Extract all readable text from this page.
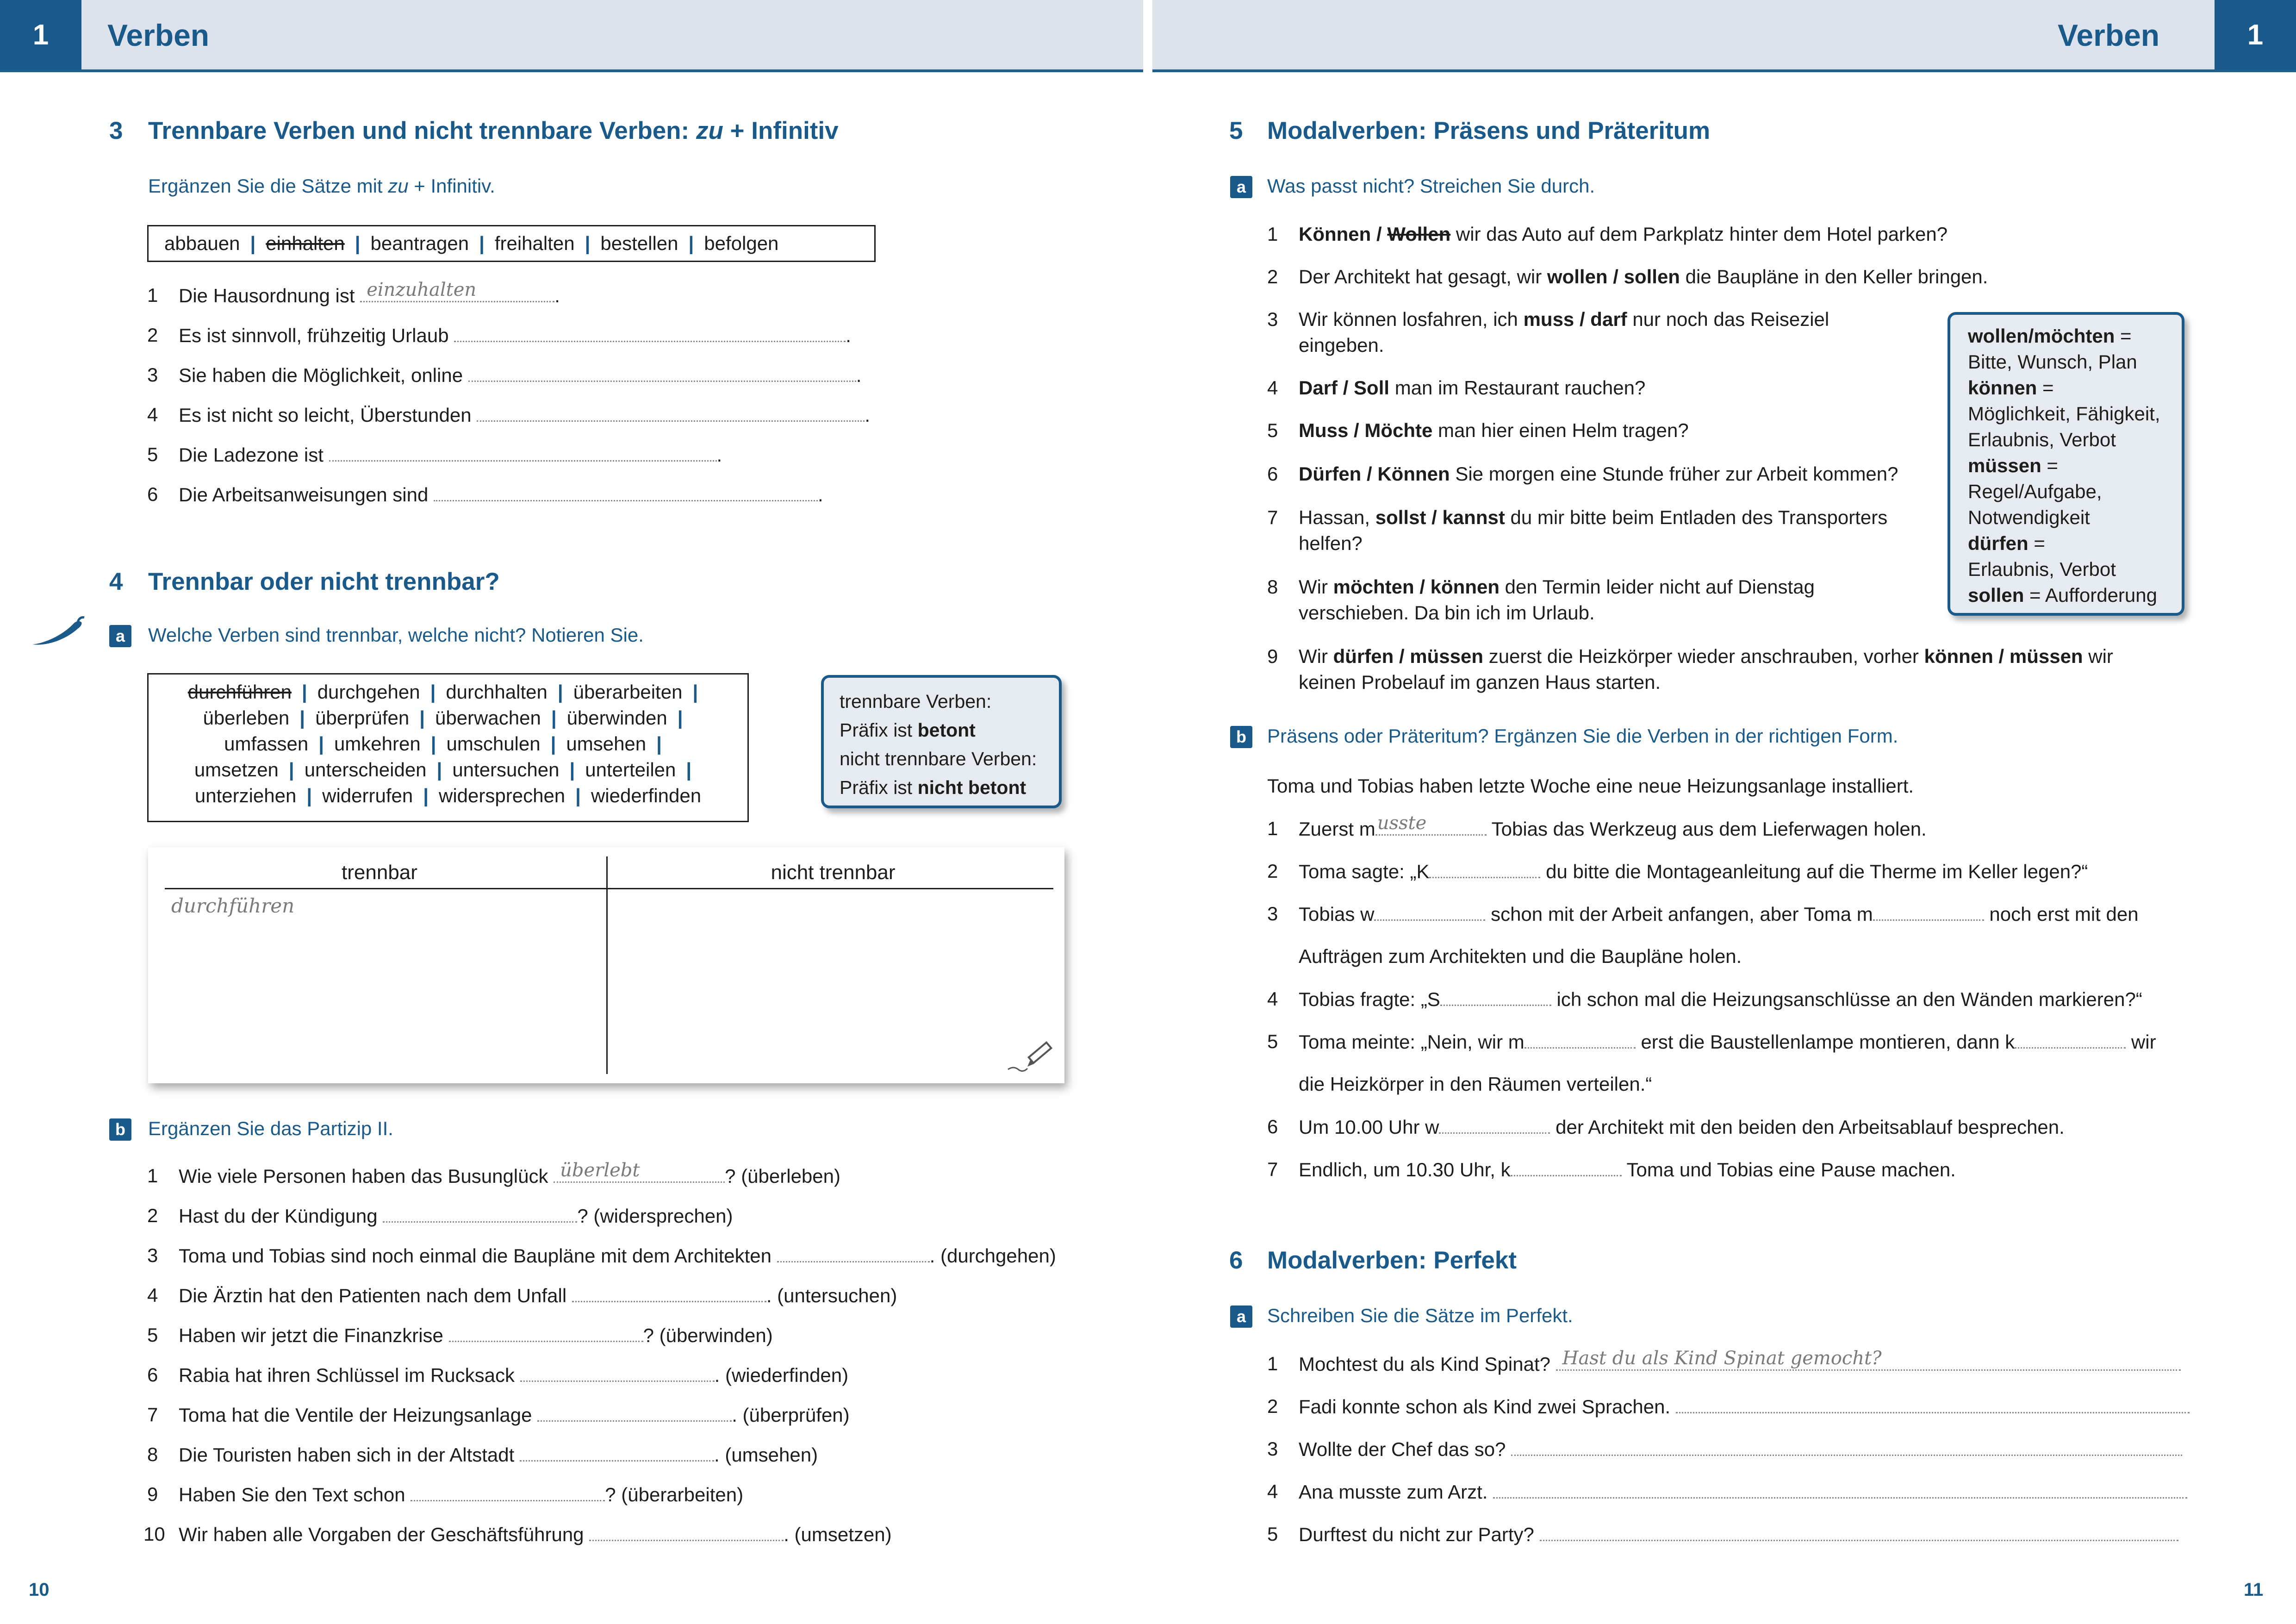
1	Verben	Verben	1
3 Trennbare Verben und nicht trennbare Verben: zu + Infinitiv
Ergänzen Sie die Sätze mit zu + Infinitiv.
abbauen | einhalten | beantragen | freihalten | bestellen | befolgen
1 Die Hausordnung ist einzuhalten	.
2 Es ist sinnvoll, frühzeitig Urlaub	.
3 Sie haben die Möglichkeit, online	.
4 Es ist nicht so leicht, Überstunden	.
5 Die Ladezone ist	.
6 Die Arbeitsanweisungen sind	.
4 Trennbar oder nicht trennbar?
a	Welche Verben sind trennbar, welche nicht? Notieren Sie.
durchführen | durchgehen | durchhalten | überarbeiten |
überleben | überprüfen | überwachen | überwinden |
umfassen | umkehren | umschulen | umsehen |
umsetzen | unterscheiden | untersuchen | unterteilen |
unterziehen | widerrufen | widersprechen | wiederfinden
trennbare Verben:
Präfix ist betont
nicht trennbare Verben:
Präfix ist nicht betont
trennbar	nicht trennbar
durchführen
b	Ergänzen Sie das Partizip II.
1 Wie viele Personen haben das Busunglück überlebt	? (überleben)
2 Hast du der Kündigung	? (widersprechen)
3 Toma und Tobias sind noch einmal die Baupläne mit dem Architekten	. (durchgehen)
4 Die Ärztin hat den Patienten nach dem Unfall	. (untersuchen)
5 Haben wir jetzt die Finanzkrise	? (überwinden)
6 Rabia hat ihren Schlüssel im Rucksack	. (wiederfinden)
7 Toma hat die Ventile der Heizungsanlage	. (überprüfen)
8 Die Touristen haben sich in der Altstadt	. (umsehen)
9 Haben Sie den Text schon	? (überarbeiten)
10 Wir haben alle Vorgaben der Geschäftsführung	. (umsetzen)
10
5 Modalverben: Präsens und Präteritum
a	Was passt nicht? Streichen Sie durch.
1 Können / Wollen wir das Auto auf dem Parkplatz hinter dem Hotel parken?
2 Der Architekt hat gesagt, wir wollen / sollen die Baupläne in den Keller bringen.
3 Wir können losfahren, ich muss / darf nur noch das Reiseziel
eingeben.
4 Darf / Soll man im Restaurant rauchen?
5 Muss / Möchte man hier einen Helm tragen?
6 Dürfen / Können Sie morgen eine Stunde früher zur Arbeit kommen?
7 Hassan, sollst / kannst du mir bitte beim Entladen des Transporters
helfen?
8 Wir möchten / können den Termin leider nicht auf Dienstag
verschieben. Da bin ich im Urlaub.
9 Wir dürfen / müssen zuerst die Heizkörper wieder anschrauben, vorher können / müssen wir
keinen Probelauf im ganzen Haus starten.
wollen/möchten =
Bitte, Wunsch, Plan
können =
Möglichkeit, Fähigkeit,
Erlaubnis, Verbot
müssen =
Regel/Aufgabe,
Notwendigkeit
dürfen =
Erlaubnis, Verbot
sollen = Aufforderung
b	Präsens oder Präteritum? Ergänzen Sie die Verben in der richtigen Form.
Toma und Tobias haben letzte Woche eine neue Heizungsanlage installiert.
1 Zuerst m usste	Tobias das Werkzeug aus dem Lieferwagen holen.
2 Toma sagte: „K	du bitte die Montageanleitung auf die Therme im Keller legen?“
3 Tobias w	schon mit der Arbeit anfangen, aber Toma m	noch erst mit den
Aufträgen zum Architekten und die Baupläne holen.
4 Tobias fragte: „S	ich schon mal die Heizungsanschlüsse an den Wänden markieren?“
5 Toma meinte: „Nein, wir m	erst die Baustellenlampe montieren, dann k	wir
die Heizkörper in den Räumen verteilen.“
6 Um 10.00 Uhr w	der Architekt mit den beiden den Arbeitsablauf besprechen.
7 Endlich, um 10.30 Uhr, k	Toma und Tobias eine Pause machen.
6 Modalverben: Perfekt
a	Schreiben Sie die Sätze im Perfekt.
1 Mochtest du als Kind Spinat? Hast du als Kind Spinat gemocht?
2 Fadi konnte schon als Kind zwei Sprachen.
3 Wollte der Chef das so?
4 Ana musste zum Arzt.
5 Durftest du nicht zur Party?
11
